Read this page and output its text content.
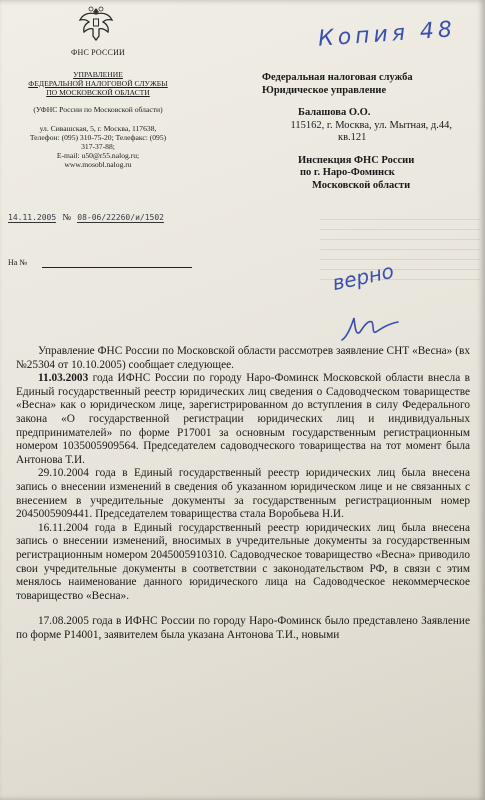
ФНС РОССИИ
УПРАВЛЕНИЕ
ФЕДЕРАЛЬНОЙ НАЛОГОВОЙ СЛУЖБЫ
ПО МОСКОВСКОЙ ОБЛАСТИ
(УФНС России по Московской области)
ул. Сивашская, 5, г. Москва, 117638,
Телефон: (095) 310-75-20; Телефакс: (095)
317-37-88;
E-mail: u50@r55.nalog.ru;
www.mosobl.nalog.ru
14.11.2005 № 08-06/22260/и/1502
На №
Федеральная налоговая служба
Юридическое управление
Балашова О.О.
115162, г. Москва, ул. Мытная, д.44,
кв.121
Инспекция ФНС России
по г. Наро-Фоминск
Московской области
Копия 48
верно

Управление ФНС России по Московской области рассмотрев заявление СНТ «Весна» (вх №25304 от 10.10.2005) сообщает следующее.

11.03.2003 года ИФНС России по городу Наро-Фоминск Московской области внесла в Единый государственный реестр юридических лиц сведения о Садоводческом товариществе «Весна» как о юридическом лице, зарегистрированном до вступления в силу Федерального закона «О государственной регистрации юридических лиц и индивидуальных предпринимателей» по форме Р17001 за основным государственным регистрационным номером 1035005909564. Председателем садоводческого товарищества на тот момент была Антонова Т.И.

29.10.2004 года в Единый государственный реестр юридических лиц была внесена запись о внесении изменений в сведения об указанном юридическом лице и не связанных с внесением в учредительные документы за государственным регистрационным номер 2045005909441. Председателем товарищества стала Воробьева Н.И.

16.11.2004 года в Единый государственный реестр юридических лиц была внесена запись о внесении изменений, вносимых в учредительные документы за государственным регистрационным номером 2045005910310. Садоводческое товарищество «Весна» приводило свои учредительные документы в соответствии с законодательством РФ, в связи с этим менялось наименование данного юридического лица на Садоводческое некоммерческое товарищество «Весна».

17.08.2005 года в ИФНС России по городу Наро-Фоминск было представлено Заявление по форме Р14001, заявителем была указана Антонова Т.И., новыми
